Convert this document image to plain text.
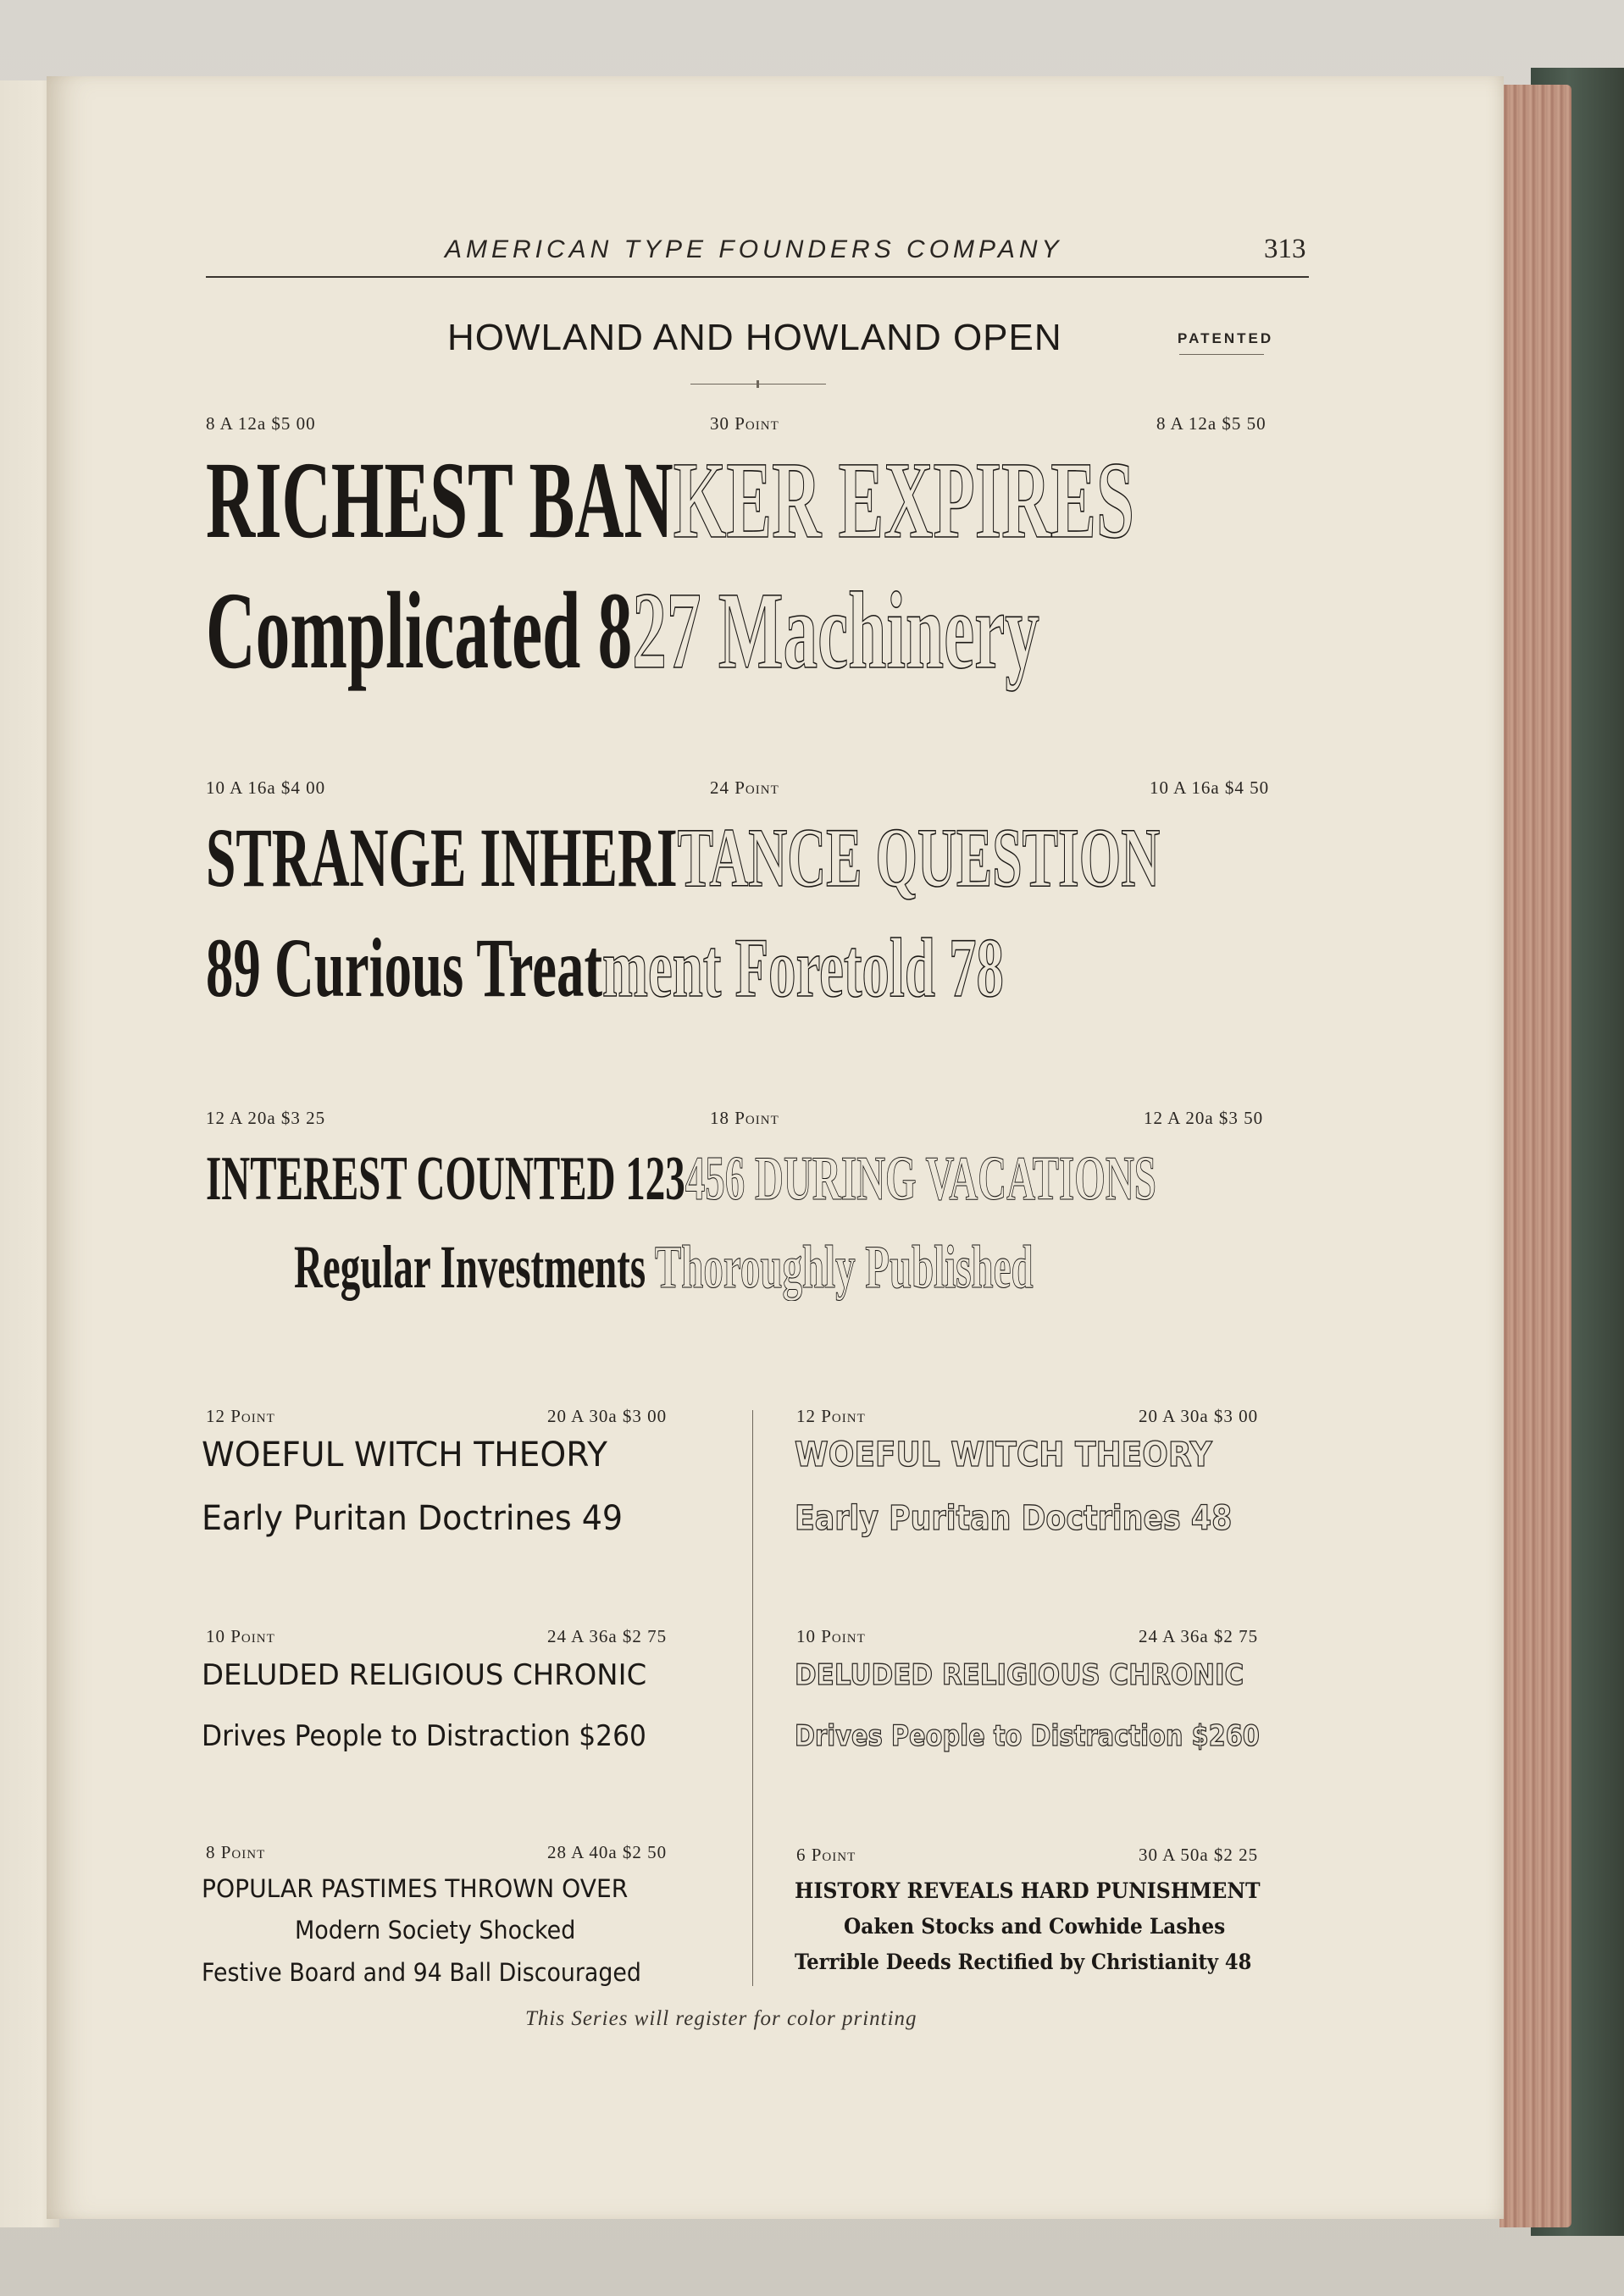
AMERICAN TYPE FOUNDERS COMPANY	313
HOWLAND AND HOWLAND OPEN	PATENTED
8 A 12a $5 00	30 Point	8 A 12a $5 50
RICHEST BANKER EXPIRES
Complicated 827 Machinery
10 A 16a $4 00	24 Point	10 A 16a $4 50
STRANGE INHERITANCE QUESTION
89 Curious Treatment Foretold 78
12 A 20a $3 25	18 Point	12 A 20a $3 50
INTEREST COUNTED 123456 DURING VACATIONS
Regular Investments Thoroughly Published
12 Point	20 A 30a $3 00
WOEFUL WITCH THEORY
Early Puritan Doctrines 49
10 Point	24 A 36a $2 75
DELUDED RELIGIOUS CHRONIC
Drives People to Distraction $260
8 Point	28 A 40a $2 50
POPULAR PASTIMES THROWN OVER
Modern Society Shocked
Festive Board and 94 Ball Discouraged
12 Point	20 A 30a $3 00
WOEFUL WITCH THEORY
Early Puritan Doctrines 48
10 Point	24 A 36a $2 75
DELUDED RELIGIOUS CHRONIC
Drives People to Distraction $260
6 Point	30 A 50a $2 25
HISTORY REVEALS HARD PUNISHMENT
Oaken Stocks and Cowhide Lashes
Terrible Deeds Rectified by Christianity 48
This Series will register for color printing
